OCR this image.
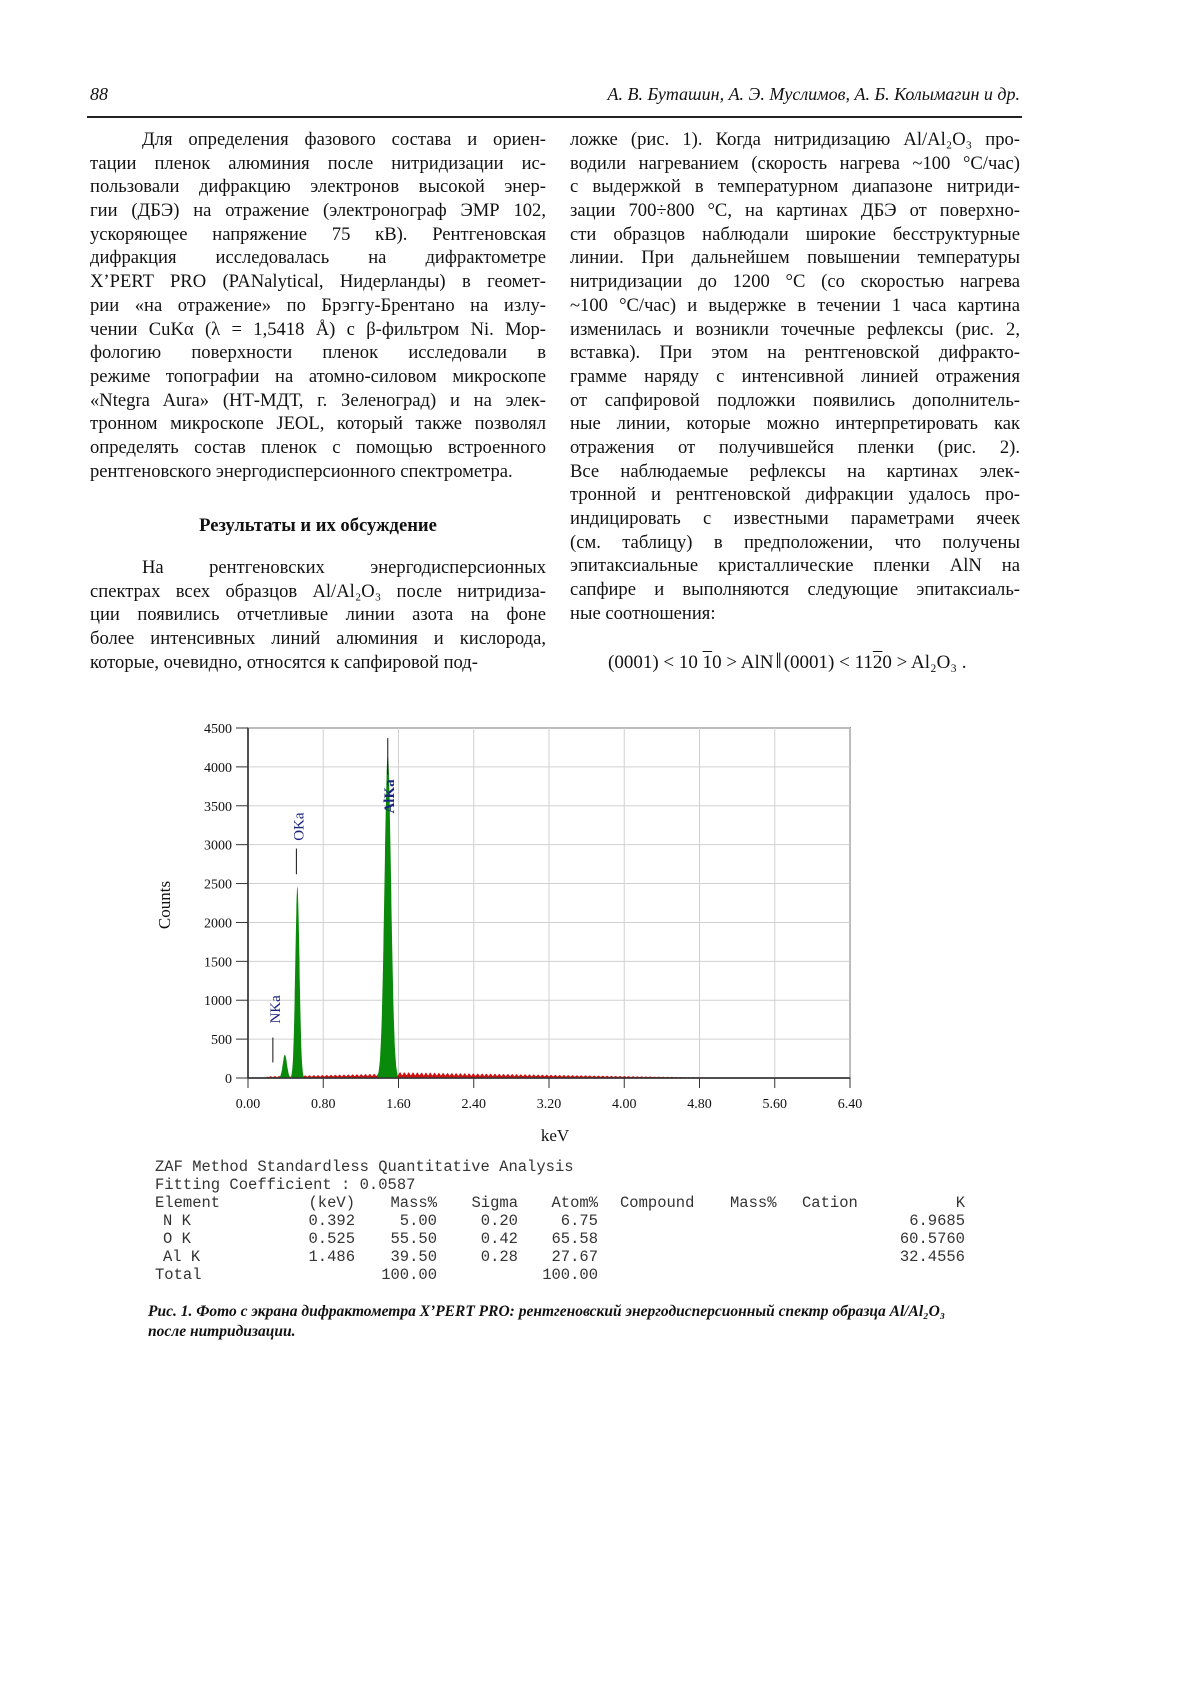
88	А. В. Буташин, А. Э. Муслимов, А. Б. Колымагин и др.
Для определения фазового состава и ориен-
тации пленок алюминия после нитридизации ис-
пользовали дифракцию электронов высокой энер-
гии (ДБЭ) на отражение (электронограф ЭМР 102,
ускоряющее напряжение 75 кВ). Рентгеновская
дифракция исследовалась на дифрактометре
X’PERT PRO (PANalytical, Нидерланды) в геомет-
рии «на отражение» по Брэггу-Брентано на излу-
чении CuKα (λ = 1,5418 Å) с β-фильтром Ni. Мор-
фологию поверхности пленок исследовали в
режиме топографии на атомно-силовом микроскопе
«Ntegra Aura» (НТ-МДТ, г. Зеленоград) и на элек-
тронном микроскопе JEOL, который также позволял
определять состав пленок с помощью встроенного
рентгеновского энергодисперсионного спектрометра.
Результаты и их обсуждение
На рентгеновских энергодисперсионных
спектрах всех образцов Al/Al₂O₃ после нитридиза-
ции появились отчетливые линии азота на фоне
более интенсивных линий алюминия и кислорода,
которые, очевидно, относятся к сапфировой под-
ложке (рис. 1). Когда нитридизацию Al/Al₂O₃ про-
водили нагреванием (скорость нагрева ~100 °C/час)
с выдержкой в температурном диапазоне нитриди-
зации 700÷800 °C, на картинах ДБЭ от поверхно-
сти образцов наблюдали широкие бесструктурные
линии. При дальнейшем повышении температуры
нитридизации до 1200 °C (со скоростью нагрева
~100 °C/час) и выдержке в течении 1 часа картина
изменилась и возникли точечные рефлексы (рис. 2,
вставка). При этом на рентгеновской дифракто-
грамме наряду с интенсивной линией отражения
от сапфировой подложки появились дополнитель-
ные линии, которые можно интерпретировать как
отражения от получившейся пленки (рис. 2).
Все наблюдаемые рефлексы на картинах элек-
тронной и рентгеновской дифракции удалось про-
индицировать с известными параметрами ячеек
(см. таблицу) в предположении, что получены
эпитаксиальные кристаллические пленки AlN на
сапфире и выполняются следующие эпитаксиаль-
ные соотношения:
(0001) < 10 10 > AlN‖ (0001) < 1120 > Al₂O₃ .
NKa
OKa
AlKa
0
500
1000
1500
2000
2500
3000
3500
4000
4500
0.00	0.80	1.60	2.40	3.20	4.00	4.80	5.60	6.40
Counts
keV
ZAF Method Standardless Quantitative Analysis
Fitting Coefficient : 0.0587
Element	(keV) Mass% Sigma Atom% Compound Mass% Cation	K
N K	0.392	5.00	0.20	6.75	6.9685
O K	0.525 55.50	0.42 65.58	60.5760
Al K	1.486 39.50	0.28 27.67	32.4556
Total	100.00	100.00
Рис. 1. Фото с экрана дифрактометра X’PERT PRO: рентгеновский энергодисперсионный спектр образца Al/Al₂O₃ после нитридизации.
